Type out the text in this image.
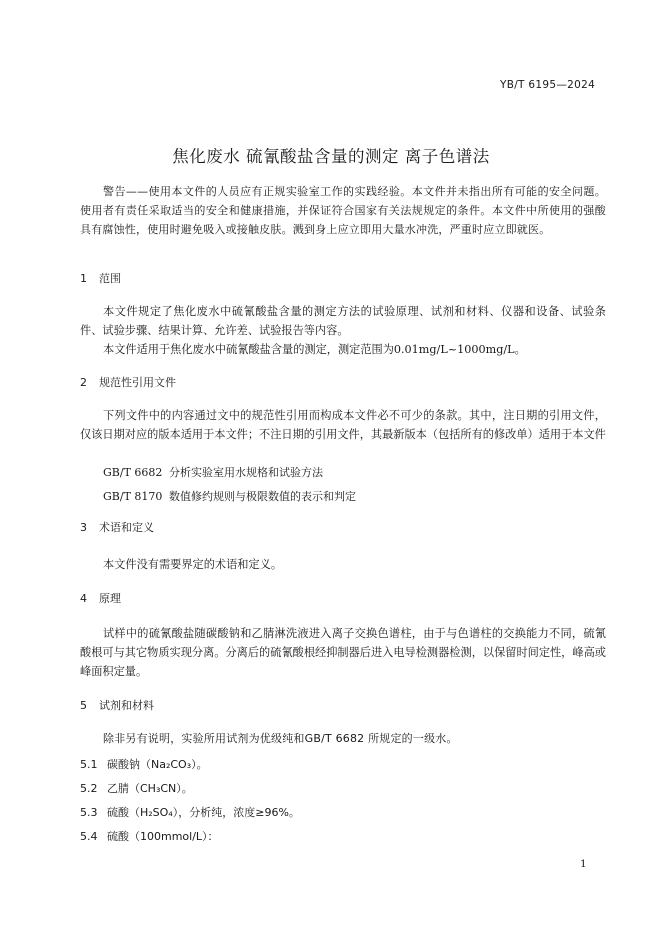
YB/T 6195—2024
焦化废水 硫氰酸盐含量的测定 离子色谱法
警告——使用本文件的人员应有正规实验室工作的实践经验。本文件并未指出所有可能的安全问题。使用者有责任采取适当的安全和健康措施，并保证符合国家有关法规规定的条件。本文件中所使用的强酸具有腐蚀性，使用时避免吸入或接触皮肤。溅到身上应立即用大量水冲洗，严重时应立即就医。
1 范围
本文件规定了焦化废水中硫氰酸盐含量的测定方法的试验原理、试剂和材料、仪器和设备、试验条件、试验步骤、结果计算、允许差、试验报告等内容。
本文件适用于焦化废水中硫氰酸盐含量的测定，测定范围为0.01mg/L~1000mg/L。
2 规范性引用文件
下列文件中的内容通过文中的规范性引用而构成本文件必不可少的条款。其中，注日期的引用文件，仅该日期对应的版本适用于本文件；不注日期的引用文件，其最新版本（包括所有的修改单）适用于本文件
GB/T 6682 分析实验室用水规格和试验方法
GB/T 8170 数值修约规则与极限数值的表示和判定
3 术语和定义
本文件没有需要界定的术语和定义。
4 原理
试样中的硫氰酸盐随碳酸钠和乙腈淋洗液进入离子交换色谱柱，由于与色谱柱的交换能力不同，硫氰酸根可与其它物质实现分离。分离后的硫氰酸根经抑制器后进入电导检测器检测，以保留时间定性，峰高或峰面积定量。
5 试剂和材料
除非另有说明，实验所用试剂为优级纯和GB/T 6682 所规定的一级水。
5.1 碳酸钠（Na₂CO₃）。
5.2 乙腈（CH₃CN）。
5.3 硫酸（H₂SO₄），分析纯，浓度≥96%。
5.4 硫酸（100mmol/L）：
1
